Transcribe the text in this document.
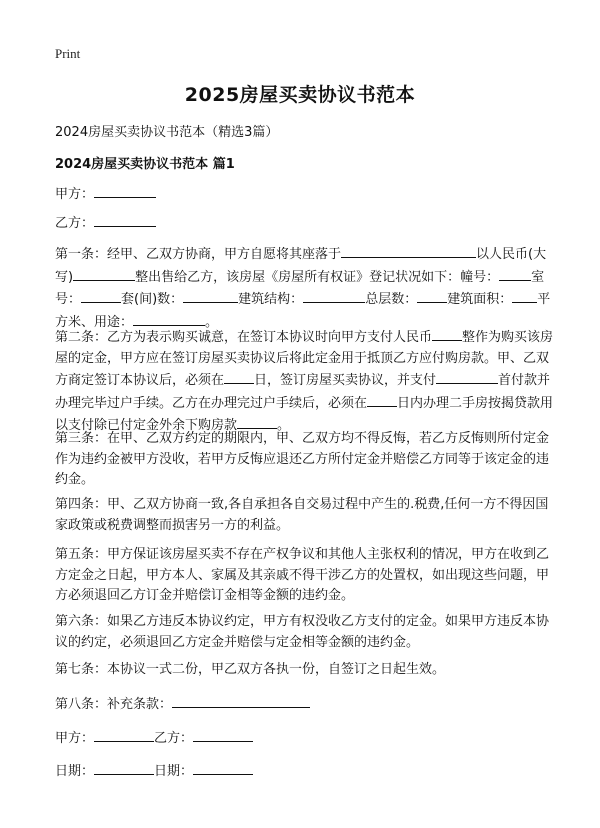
Print
2025房屋买卖协议书范本
2024房屋买卖协议书范本（精选3篇）
2024房屋买卖协议书范本 篇1
甲方：
乙方：
第一条：经甲、乙双方协商，甲方自愿将其座落于	以人民币(大写)	整出售给乙方，该房屋《房屋所有权证》登记状况如下：幢号： 室号：	套(间)数：	建筑结构：	总层数： 建筑面积： 平方米、用途：	。
第二条：乙方为表示购买诚意，在签订本协议时向甲方支付人民币 整作为购买该房屋的定金，甲方应在签订房屋买卖协议后将此定金用于抵顶乙方应付购房款。甲、乙双方商定签订本协议后，必须在 日，签订房屋买卖协议，并支付	首付款并办理完毕过户手续。乙方在办理完过户手续后，必须在 日内办理二手房按揭贷款用以支付除已付定金外余下购房款	。
第三条：在甲、乙双方约定的期限内，甲、乙双方均不得反悔，若乙方反悔则所付定金作为违约金被甲方没收，若甲方反悔应退还乙方所付定金并赔偿乙方同等于该定金的违约金。
第四条：甲、乙双方协商一致,各自承担各自交易过程中产生的.税费,任何一方不得因国家政策或税费调整而损害另一方的利益。
第五条：甲方保证该房屋买卖不存在产权争议和其他人主张权利的情况，甲方在收到乙方定金之日起，甲方本人、家属及其亲戚不得干涉乙方的处置权，如出现这些问题，甲方必须退回乙方订金并赔偿订金相等金额的违约金。
第六条：如果乙方违反本协议约定，甲方有权没收乙方支付的定金。如果甲方违反本协议的约定，必须退回乙方定金并赔偿与定金相等金额的违约金。
第七条：本协议一式二份，甲乙双方各执一份，自签订之日起生效。
第八条：补充条款：
甲方：	乙方：
日期：	日期：
